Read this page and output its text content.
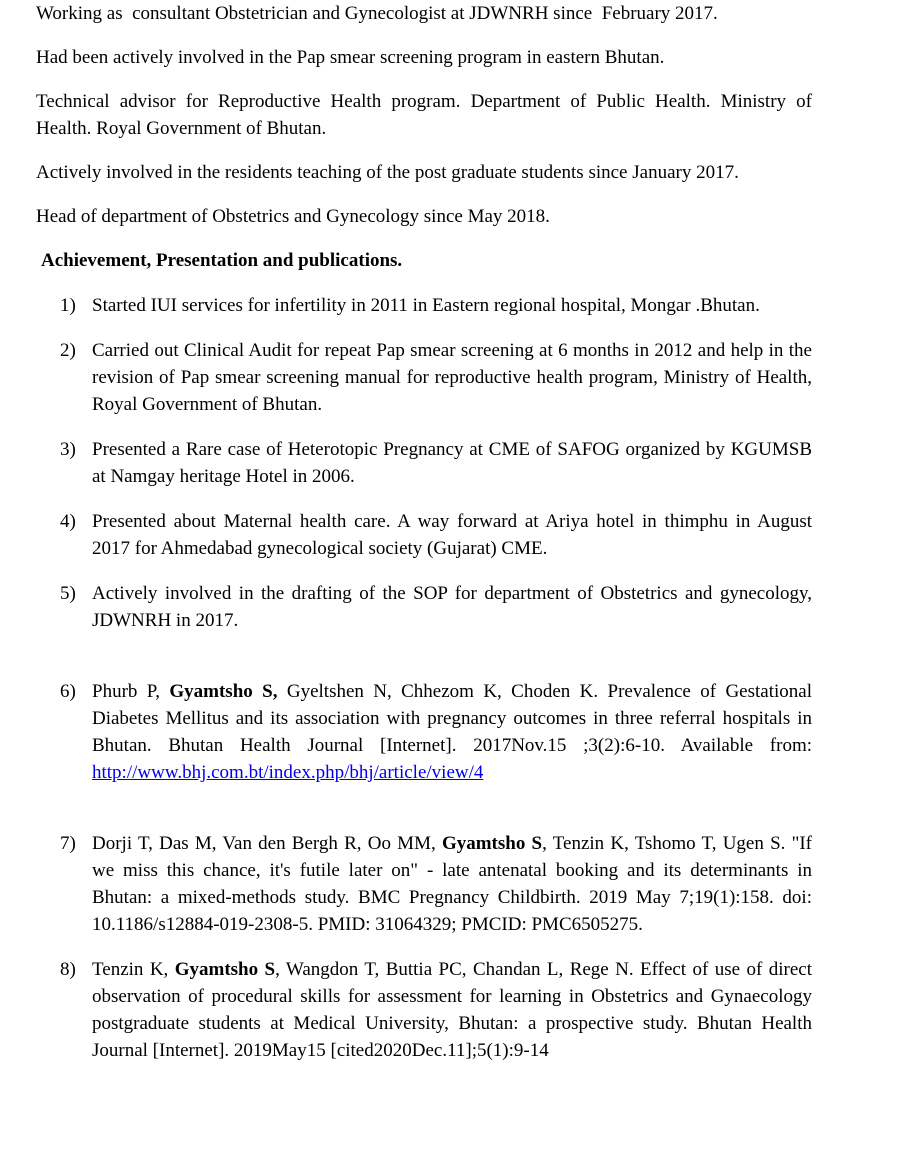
Working as  consultant Obstetrician and Gynecologist at JDWNRH since  February 2017.

Had been actively involved in the Pap smear screening program in eastern Bhutan.

Technical advisor for Reproductive Health program. Department of Public Health. Ministry of Health. Royal Government of Bhutan.

Actively involved in the residents teaching of the post graduate students since January 2017.

Head of department of Obstetrics and Gynecology since May 2018.

Achievement, Presentation and publications.
1) Started IUI services for infertility in 2011 in Eastern regional hospital, Mongar .Bhutan.
2) Carried out Clinical Audit for repeat Pap smear screening at 6 months in 2012 and help in the revision of Pap smear screening manual for reproductive health program, Ministry of Health, Royal Government of Bhutan.
3) Presented a Rare case of Heterotopic Pregnancy at CME of SAFOG organized by KGUMSB at Namgay heritage Hotel in 2006.
4) Presented about Maternal health care. A way forward at Ariya hotel in thimphu in August 2017 for Ahmedabad gynecological society (Gujarat) CME.
5) Actively involved in the drafting of the SOP for department of Obstetrics and gynecology, JDWNRH in 2017.
6) Phurb P, Gyamtsho S, Gyeltshen N, Chhezom K, Choden K. Prevalence of Gestational Diabetes Mellitus and its association with pregnancy outcomes in three referral hospitals in Bhutan. Bhutan Health Journal [Internet]. 2017Nov.15 ;3(2):6-10. Available from: http://www.bhj.com.bt/index.php/bhj/article/view/4
7) Dorji T, Das M, Van den Bergh R, Oo MM, Gyamtsho S, Tenzin K, Tshomo T, Ugen S. "If we miss this chance, it's futile later on" - late antenatal booking and its determinants in Bhutan: a mixed-methods study. BMC Pregnancy Childbirth. 2019 May 7;19(1):158. doi: 10.1186/s12884-019-2308-5. PMID: 31064329; PMCID: PMC6505275.
8) Tenzin K, Gyamtsho S, Wangdon T, Buttia PC, Chandan L, Rege N. Effect of use of direct observation of procedural skills for assessment for learning in Obstetrics and Gynaecology postgraduate students at Medical University, Bhutan: a prospective study. Bhutan Health Journal [Internet]. 2019May15 [cited2020Dec.11];5(1):9-14
